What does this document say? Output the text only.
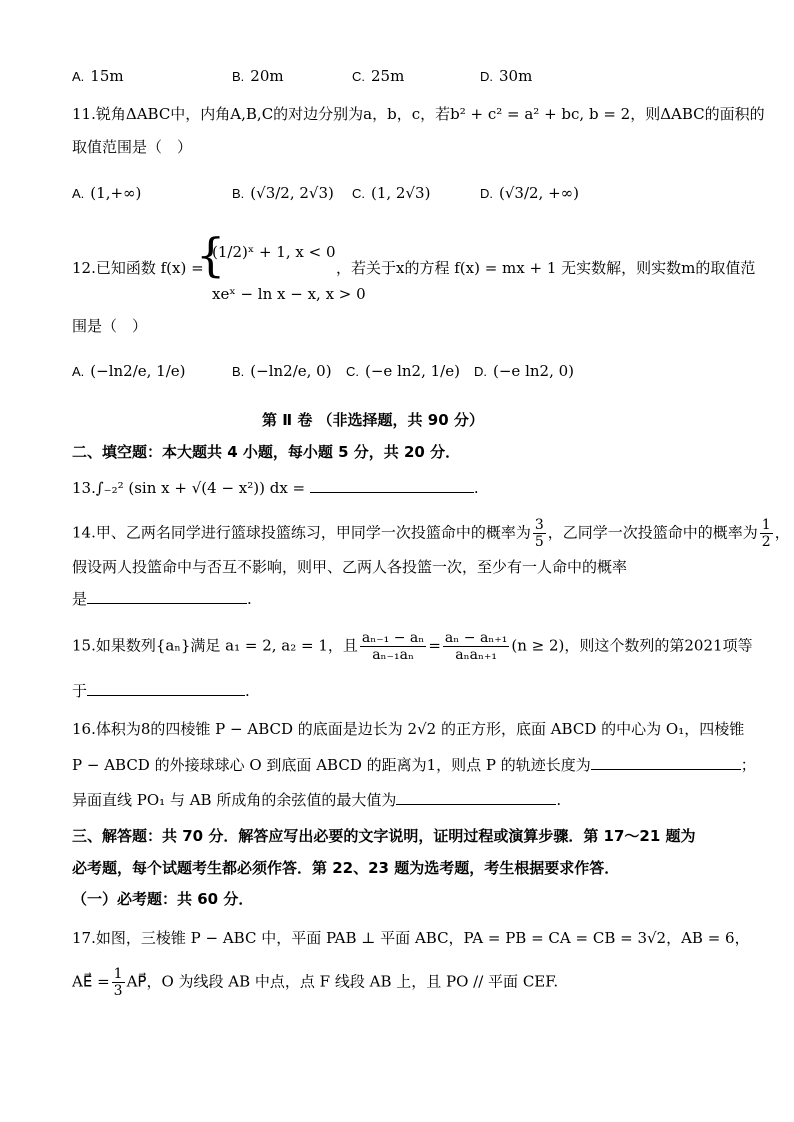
A. 15m	B. 20m	C. 25m	D. 30m
11.锐角ΔABC中，内角A,B,C的对边分别为a，b，c，若b² + c² = a² + bc, b = 2，则ΔABC的面积的
取值范围是（　）
A. (1,+∞)	B. (√3/2, 2√3) C. (1, 2√3)	D. (√3/2, +∞)
12.已知函数 f(x) =
{
(1/2)ˣ + 1, x < 0
xeˣ − ln x − x, x > 0
，若关于x的方程 f(x) = mx + 1 无实数解，则实数m的取值范
围是（　）
A. (−ln2/e, 1/e)	B. (−ln2/e, 0) C. (−e ln2, 1/e) D. (−e ln2, 0)
第 Ⅱ 卷 （非选择题，共 90 分）
二、填空题：本大题共 4 小题，每小题 5 分，共 20 分．
13.∫₋₂² (sin x + √(4 − x²)) dx =	.
14.甲、乙两名同学进行篮球投篮练习，甲同学一次投篮命中的概率为 $\frac{3}{5}$ ，乙同学一次投篮命中的概率为 $\frac{1}{2}$ ，
假设两人投篮命中与否互不影响，则甲、乙两人各投篮一次，至少有一人命中的概率
是	.
15.如果数列{aₙ}满足 a₁ = 2, a₂ = 1，且 $\frac{\text{aₙ₋₁ − aₙ}}{\text{aₙ₋₁aₙ}} = \frac{\text{aₙ − aₙ₊₁}}{\text{aₙaₙ₊₁}} (n \ge 2)$，则这个数列的第2021项等
于	.
16.体积为8的四棱锥 P − ABCD 的底面是边长为 2√2 的正方形，底面 ABCD 的中心为 O₁，四棱锥
P − ABCD 的外接球球心 O 到底面 ABCD 的距离为1，则点 P 的轨迹长度为	；
异面直线 PO₁ 与 AB 所成角的余弦值的最大值为	.
三、解答题：共 70 分．解答应写出必要的文字说明，证明过程或演算步骤．第 17～21 题为
必考题，每个试题考生都必须作答．第 22、23 题为选考题，考生根据要求作答．
（一）必考题：共 60 分．
17.如图，三棱锥 P − ABC 中，平面 PAB ⊥ 平面 ABC，PA = PB = CA = CB = 3√2，AB = 6，
AE⃗ = $\frac{1}{3}$ AP⃗，O 为线段 AB 中点，点 F 线段 AB 上，且 PO // 平面 CEF.
